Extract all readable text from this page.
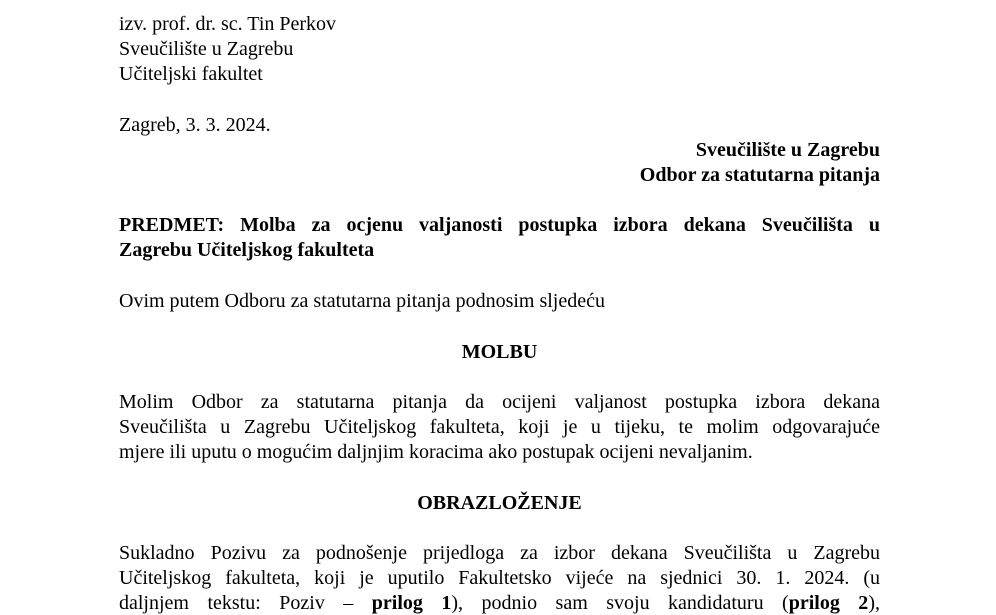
izv. prof. dr. sc. Tin Perkov
Sveučilište u Zagrebu
Učiteljski fakultet
Zagreb, 3. 3. 2024.
Sveučilište u Zagrebu
Odbor za statutarna pitanja
PREDMET: Molba za ocjenu valjanosti postupka izbora dekana Sveučilišta u
Zagrebu Učiteljskog fakulteta
Ovim putem Odboru za statutarna pitanja podnosim sljedeću
MOLBU
Molim Odbor za statutarna pitanja da ocijeni valjanost postupka izbora dekana
Sveučilišta u Zagrebu Učiteljskog fakulteta, koji je u tijeku, te molim odgovarajuće
mjere ili uputu o mogućim daljnjim koracima ako postupak ocijeni nevaljanim.
OBRAZLOŽENJE
Sukladno Pozivu za podnošenje prijedloga za izbor dekana Sveučilišta u Zagrebu
Učiteljskog fakulteta, koji je uputilo Fakultetsko vijeće na sjednici 30. 1. 2024. (u
daljnjem tekstu: Poziv – prilog 1), podnio sam svoju kandidaturu (prilog 2),
